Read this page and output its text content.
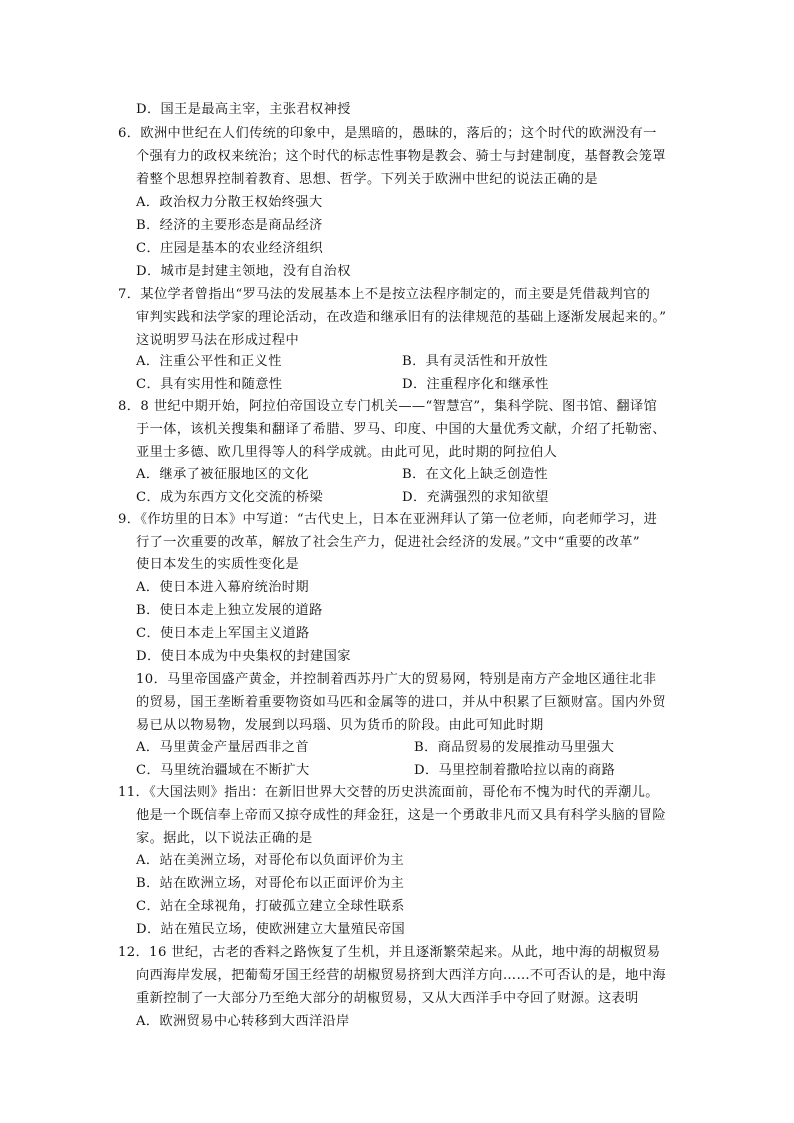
D．国王是最高主宰，主张君权神授
6．欧洲中世纪在人们传统的印象中，是黑暗的，愚昧的，落后的；这个时代的欧洲没有一
个强有力的政权来统治；这个时代的标志性事物是教会、骑士与封建制度，基督教会笼罩
着整个思想界控制着教育、思想、哲学。下列关于欧洲中世纪的说法正确的是
A．政治权力分散王权始终强大
B．经济的主要形态是商品经济
C．庄园是基本的农业经济组织
D．城市是封建主领地，没有自治权
7．某位学者曾指出“罗马法的发展基本上不是按立法程序制定的，而主要是凭借裁判官的
审判实践和法学家的理论活动，在改造和继承旧有的法律规范的基础上逐渐发展起来的。”
这说明罗马法在形成过程中
A．注重公平性和正义性	B．具有灵活性和开放性
C．具有实用性和随意性	D．注重程序化和继承性
8．8 世纪中期开始，阿拉伯帝国设立专门机关——“智慧宫”，集科学院、图书馆、翻译馆
于一体，该机关搜集和翻译了希腊、罗马、印度、中国的大量优秀文献，介绍了托勒密、
亚里士多德、欧几里得等人的科学成就。由此可见，此时期的阿拉伯人
A．继承了被征服地区的文化	B．在文化上缺乏创造性
C．成为东西方文化交流的桥梁	D．充满强烈的求知欲望
9．《作坊里的日本》中写道：“古代史上，日本在亚洲拜认了第一位老师，向老师学习，进
行了一次重要的改革，解放了社会生产力，促进社会经济的发展。”文中“重要的改革”
使日本发生的实质性变化是
A．使日本进入幕府统治时期
B．使日本走上独立发展的道路
C．使日本走上军国主义道路
D．使日本成为中央集权的封建国家
10．马里帝国盛产黄金，并控制着西苏丹广大的贸易网，特别是南方产金地区通往北非
的贸易，国王垄断着重要物资如马匹和金属等的进口，并从中积累了巨额财富。国内外贸
易已从以物易物，发展到以玛瑙、贝为货币的阶段。由此可知此时期
A．马里黄金产量居西非之首	B．商品贸易的发展推动马里强大
C．马里统治疆域在不断扩大	D．马里控制着撒哈拉以南的商路
11．《大国法则》指出：在新旧世界大交替的历史洪流面前，哥伦布不愧为时代的弄潮儿。
他是一个既信奉上帝而又掠夺成性的拜金狂，这是一个勇敢非凡而又具有科学头脑的冒险
家。据此，以下说法正确的是
A．站在美洲立场，对哥伦布以负面评价为主
B．站在欧洲立场，对哥伦布以正面评价为主
C．站在全球视角，打破孤立建立全球性联系
D．站在殖民立场，使欧洲建立大量殖民帝国
12．16 世纪，古老的香料之路恢复了生机，并且逐渐繁荣起来。从此，地中海的胡椒贸易
向西海岸发展，把葡萄牙国王经营的胡椒贸易挤到大西洋方向……不可否认的是，地中海
重新控制了一大部分乃至绝大部分的胡椒贸易，又从大西洋手中夺回了财源。这表明
A．欧洲贸易中心转移到大西洋沿岸
